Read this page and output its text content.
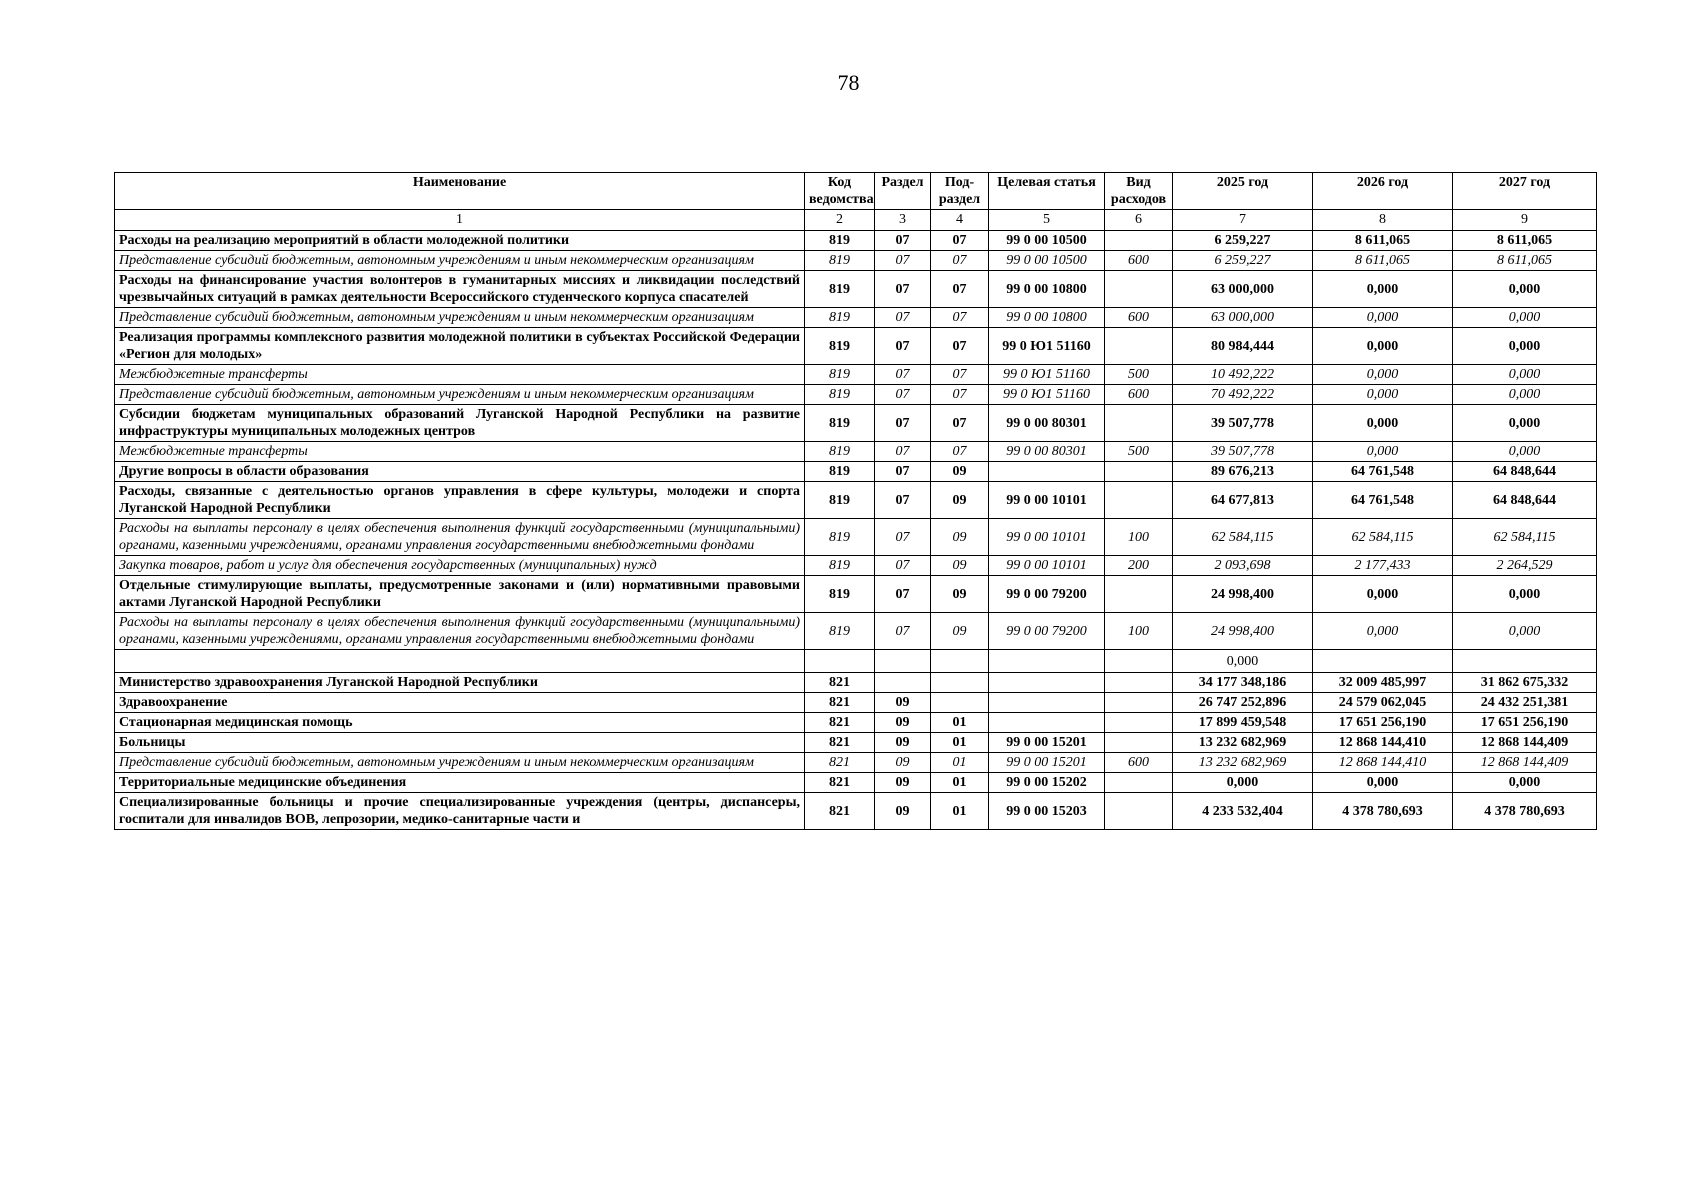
78
Наименование	Код ведомства	Раздел	Под-раздел	Целевая статья	Вид расходов	2025 год	2026 год	2027 год
1	2	3	4	5	6	7	8	9
Расходы на реализацию мероприятий в области молодежной политики	819	07	07	99 0 00 10500		6 259,227	8 611,065	8 611,065
Представление субсидий бюджетным, автономным учреждениям и иным некоммерческим организациям	819	07	07	99 0 00 10500	600	6 259,227	8 611,065	8 611,065
Расходы на финансирование участия волонтеров в гуманитарных миссиях и ликвидации последствий чрезвычайных ситуаций в рамках деятельности Всероссийского студенческого корпуса спасателей	819	07	07	99 0 00 10800		63 000,000	0,000	0,000
Представление субсидий бюджетным, автономным учреждениям и иным некоммерческим организациям	819	07	07	99 0 00 10800	600	63 000,000	0,000	0,000
Реализация программы комплексного развития молодежной политики в субъектах Российской Федерации «Регион для молодых»	819	07	07	99 0 Ю1 51160		80 984,444	0,000	0,000
Межбюджетные трансферты	819	07	07	99 0 Ю1 51160	500	10 492,222	0,000	0,000
Представление субсидий бюджетным, автономным учреждениям и иным некоммерческим организациям	819	07	07	99 0 Ю1 51160	600	70 492,222	0,000	0,000
Субсидии бюджетам муниципальных образований Луганской Народной Республики на развитие инфраструктуры муниципальных молодежных центров	819	07	07	99 0 00 80301		39 507,778	0,000	0,000
Межбюджетные трансферты	819	07	07	99 0 00 80301	500	39 507,778	0,000	0,000
Другие вопросы в области образования	819	07	09			89 676,213	64 761,548	64 848,644
Расходы, связанные с деятельностью органов управления в сфере культуры, молодежи и спорта Луганской Народной Республики	819	07	09	99 0 00 10101		64 677,813	64 761,548	64 848,644
Расходы на выплаты персоналу в целях обеспечения выполнения функций государственными (муниципальными) органами, казенными учреждениями, органами управления государственными внебюджетными фондами	819	07	09	99 0 00 10101	100	62 584,115	62 584,115	62 584,115
Закупка товаров, работ и услуг для обеспечения государственных (муниципальных) нужд	819	07	09	99 0 00 10101	200	2 093,698	2 177,433	2 264,529
Отдельные стимулирующие выплаты, предусмотренные законами и (или) нормативными правовыми актами Луганской Народной Республики	819	07	09	99 0 00 79200		24 998,400	0,000	0,000
Расходы на выплаты персоналу в целях обеспечения выполнения функций государственными (муниципальными) органами, казенными учреждениями, органами управления государственными внебюджетными фондами	819	07	09	99 0 00 79200	100	24 998,400	0,000	0,000
						0,000		
Министерство здравоохранения Луганской Народной Республики	821					34 177 348,186	32 009 485,997	31 862 675,332
Здравоохранение	821	09				26 747 252,896	24 579 062,045	24 432 251,381
Стационарная медицинская помощь	821	09	01			17 899 459,548	17 651 256,190	17 651 256,190
Больницы	821	09	01	99 0 00 15201		13 232 682,969	12 868 144,410	12 868 144,409
Представление субсидий бюджетным, автономным учреждениям и иным некоммерческим организациям	821	09	01	99 0 00 15201	600	13 232 682,969	12 868 144,410	12 868 144,409
Территориальные медицинские объединения	821	09	01	99 0 00 15202		0,000	0,000	0,000
Специализированные больницы и прочие специализированные учреждения (центры, диспансеры, госпитали для инвалидов ВОВ, лепрозории, медико-санитарные части и	821	09	01	99 0 00 15203		4 233 532,404	4 378 780,693	4 378 780,693
